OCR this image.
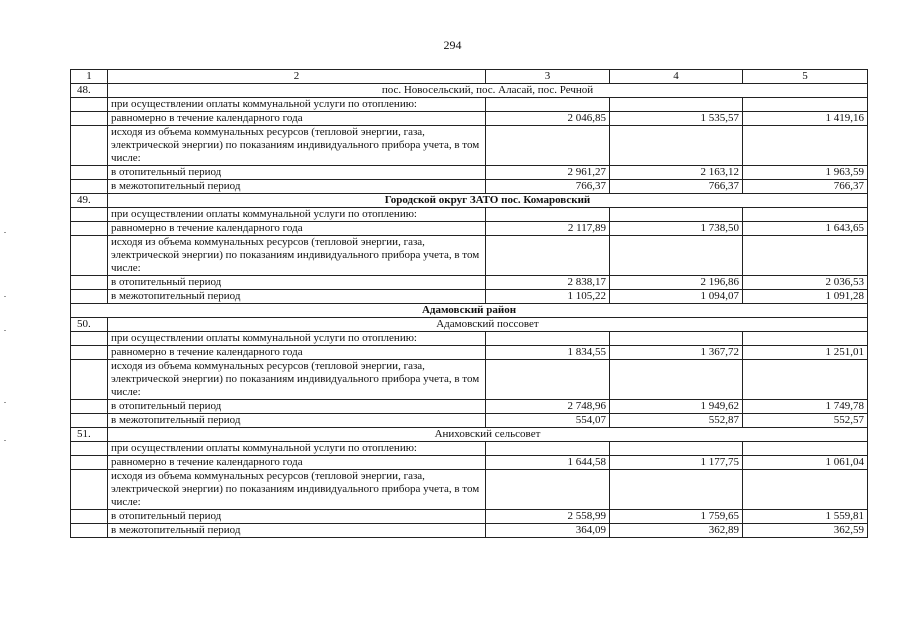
294
1	2	3	4	5
48.	пос. Новосельский, пос. Аласай, пос. Речной			
	при осуществлении оплаты коммунальной услуги по отоплению:			
	равномерно в течение календарного года	2 046,85	1 535,57	1 419,16
	исходя из объема коммунальных ресурсов (тепловой энергии, газа, электрической энергии) по показаниям индивидуального прибора учета, в том числе:			
	в отопительный период	2 961,27	2 163,12	1 963,59
	в межотопительный период	766,37	766,37	766,37
49.	Городской округ ЗАТО пос. Комаровский			
	при осуществлении оплаты коммунальной услуги по отоплению:			
	равномерно в течение календарного года	2 117,89	1 738,50	1 643,65
	исходя из объема коммунальных ресурсов (тепловой энергии, газа, электрической энергии) по показаниям индивидуального прибора учета, в том числе:			
	в отопительный период	2 838,17	2 196,86	2 036,53
	в межотопительный период	1 105,22	1 094,07	1 091,28
Адамовский район				
50.	Адамовский поссовет			
	при осуществлении оплаты коммунальной услуги по отоплению:			
	равномерно в течение календарного года	1 834,55	1 367,72	1 251,01
	исходя из объема коммунальных ресурсов (тепловой энергии, газа, электрической энергии) по показаниям индивидуального прибора учета, в том числе:			
	в отопительный период	2 748,96	1 949,62	1 749,78
	в межотопительный период	554,07	552,87	552,57
51.	Аниховский сельсовет			
	при осуществлении оплаты коммунальной услуги по отоплению:			
	равномерно в течение календарного года	1 644,58	1 177,75	1 061,04
	исходя из объема коммунальных ресурсов (тепловой энергии, газа, электрической энергии) по показаниям индивидуального прибора учета, в том числе:			
	в отопительный период	2 558,99	1 759,65	1 559,81
	в межотопительный период	364,09	362,89	362,59
